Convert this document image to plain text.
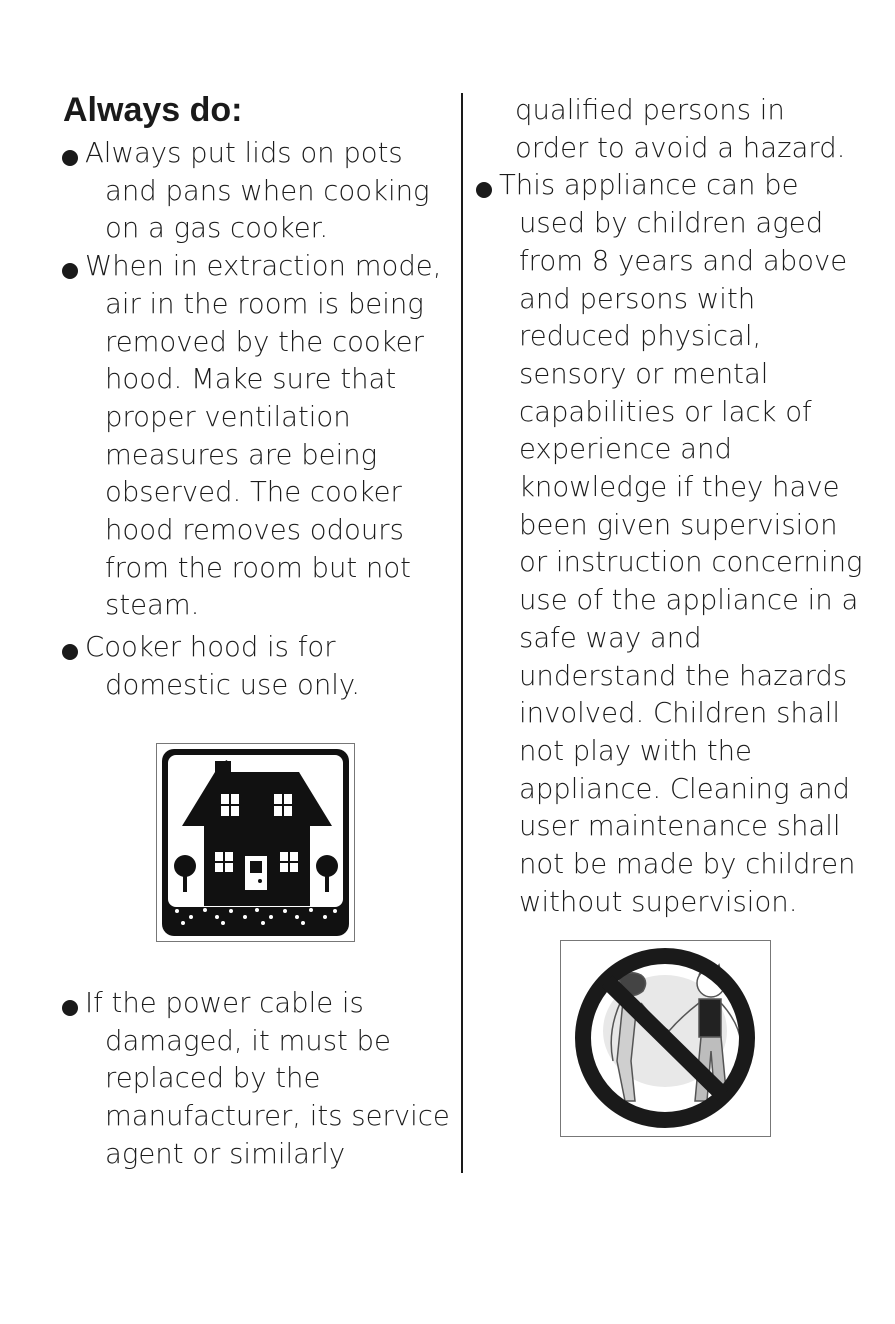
Always do:
Always put lids on pots
and pans when cooking
on a gas cooker.
When in extraction mode,
air in the room is being
removed by the cooker
hood. Make sure that
proper ventilation
measures are being
observed. The cooker
hood removes odours
from the room but not
steam.
Cooker hood is for
domestic use only.
If the power cable is
damaged, it must be
replaced by the
manufacturer, its service
agent or similarly
qualified persons in
order to avoid a hazard.
This appliance can be
used by children aged
from 8 years and above
and persons with
reduced physical,
sensory or mental
capabilities or lack of
experience and
knowledge if they have
been given supervision
or instruction concerning
use of the appliance in a
safe way and
understand the hazards
involved. Children shall
not play with the
appliance. Cleaning and
user maintenance shall
not be made by children
without supervision.
